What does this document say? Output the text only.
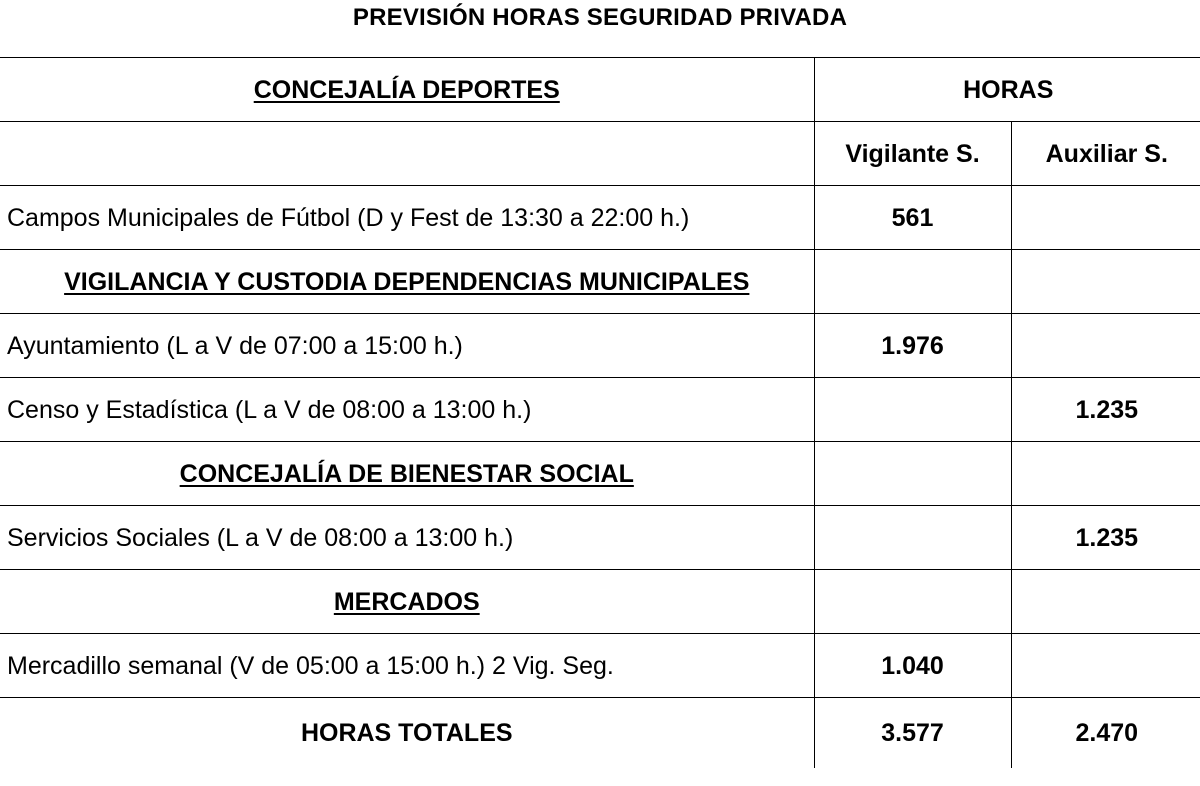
PREVISIÓN HORAS SEGURIDAD PRIVADA
CONCEJALÍA DEPORTES	HORAS	
	Vigilante S.	Auxiliar S.
Campos Municipales de Fútbol (D y Fest de 13:30 a 22:00 h.)	561	
VIGILANCIA Y CUSTODIA DEPENDENCIAS MUNICIPALES		
Ayuntamiento (L a V de 07:00 a 15:00 h.)	1.976	
Censo y Estadística (L a V de 08:00 a 13:00 h.)		1.235
CONCEJALÍA DE BIENESTAR SOCIAL		
Servicios Sociales (L a V de 08:00 a 13:00 h.)		1.235
MERCADOS		
Mercadillo semanal (V de 05:00 a 15:00 h.) 2 Vig. Seg.	1.040	
HORAS TOTALES	3.577	2.470
